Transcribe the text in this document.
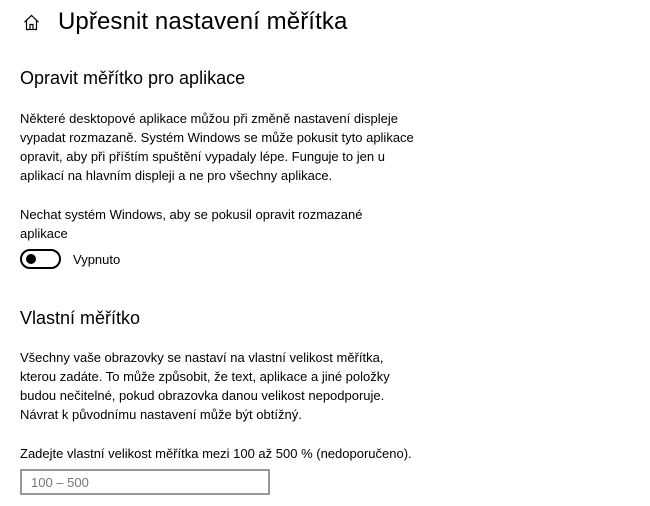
Upřesnit nastavení měřítka
Opravit měřítko pro aplikace
Některé desktopové aplikace můžou při změně nastavení displeje
vypadat rozmazaně. Systém Windows se může pokusit tyto aplikace
opravit, aby při příštím spuštění vypadaly lépe. Funguje to jen u
aplikací na hlavním displeji a ne pro všechny aplikace.
Nechat systém Windows, aby se pokusil opravit rozmazané
aplikace
Vypnuto
Vlastní měřítko
Všechny vaše obrazovky se nastaví na vlastní velikost měřítka,
kterou zadáte. To může způsobit, že text, aplikace a jiné položky
budou nečitelné, pokud obrazovka danou velikost nepodporuje.
Návrat k původnímu nastavení může být obtížný.
Zadejte vlastní velikost měřítka mezi 100 až 500 % (nedoporučeno).
100 – 500
